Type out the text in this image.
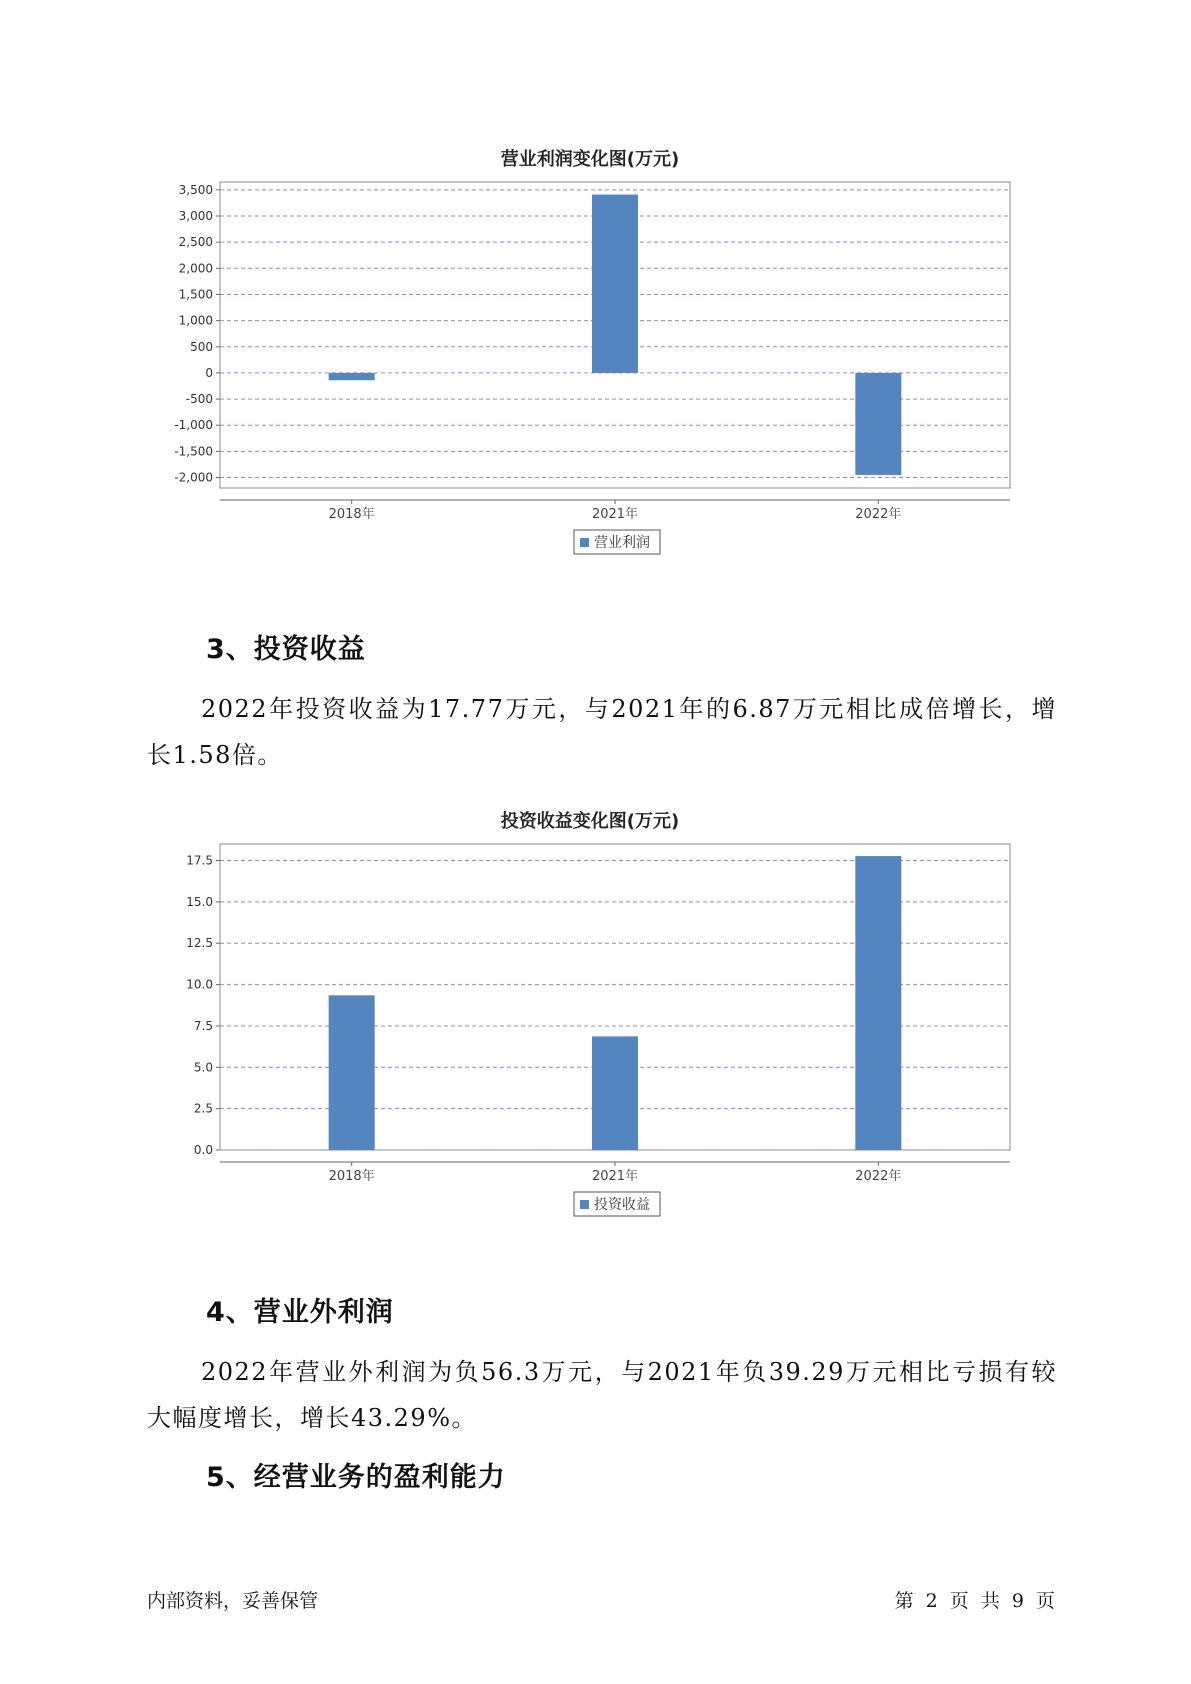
营业利润变化图(万元)
3,500
3,000
2,500
2,000
1,500
1,000
500
0
-500
-1,000
-1,500
-2,000
2018年	2021年	2022年
营业利润
3、投资收益

2022年投资收益为17.77万元，与2021年的6.87万元相比成倍增长，增长1.58倍。

投资收益变化图(万元)
17.5
15.0
12.5
10.0
7.5
5.0
2.5
0.0
2018年	2021年	2022年
投资收益
4、营业外利润

2022年营业外利润为负56.3万元，与2021年负39.29万元相比亏损有较大幅度增长，增长43.29%。

5、经营业务的盈利能力
内部资料，妥善保管	第 2 页 共 9 页
